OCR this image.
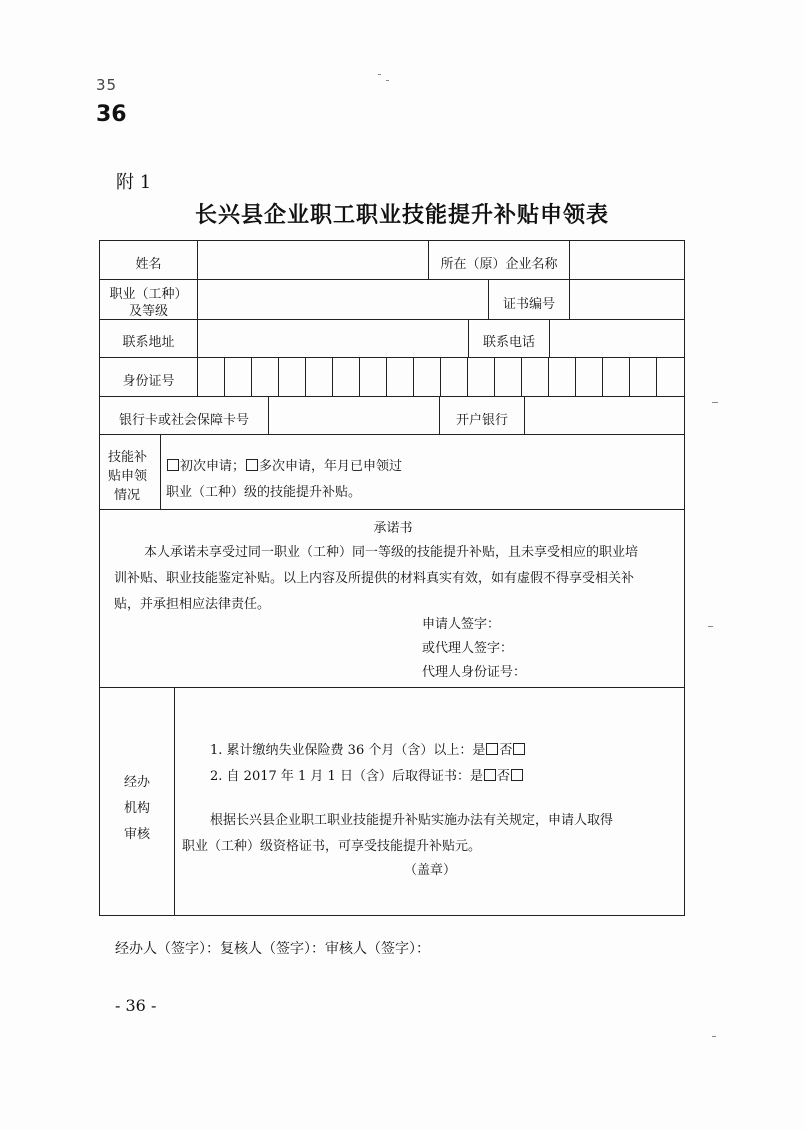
35
36
附 1
长兴县企业职工职业技能提升补贴申领表
姓名	所在（原）企业名称
职业（工种）
及等级	证书编号
联系地址	联系电话
身份证号
银行卡或社会保障卡号	开户银行
技能补
贴申领
情况
初次申请； 多次申请，年月已申领过
职业（工种）级的技能提升补贴。
承诺书
本人承诺未享受过同一职业（工种）同一等级的技能提升补贴，且未享受相应的职业培
训补贴、职业技能鉴定补贴。以上内容及所提供的材料真实有效，如有虚假不得享受相关补
贴，并承担相应法律责任。
申请人签字：
或代理人签字：
代理人身份证号：
经办
机构
审核
1. 累计缴纳失业保险费 36 个月（含）以上：是 否
2. 自 2017 年 1 月 1 日（含）后取得证书：是 否
根据长兴县企业职工职业技能提升补贴实施办法有关规定，申请人取得
职业（工种）级资格证书，可享受技能提升补贴元。
（盖章）
经办人（签字）：复核人（签字）：审核人（签字）：
- 36 -
